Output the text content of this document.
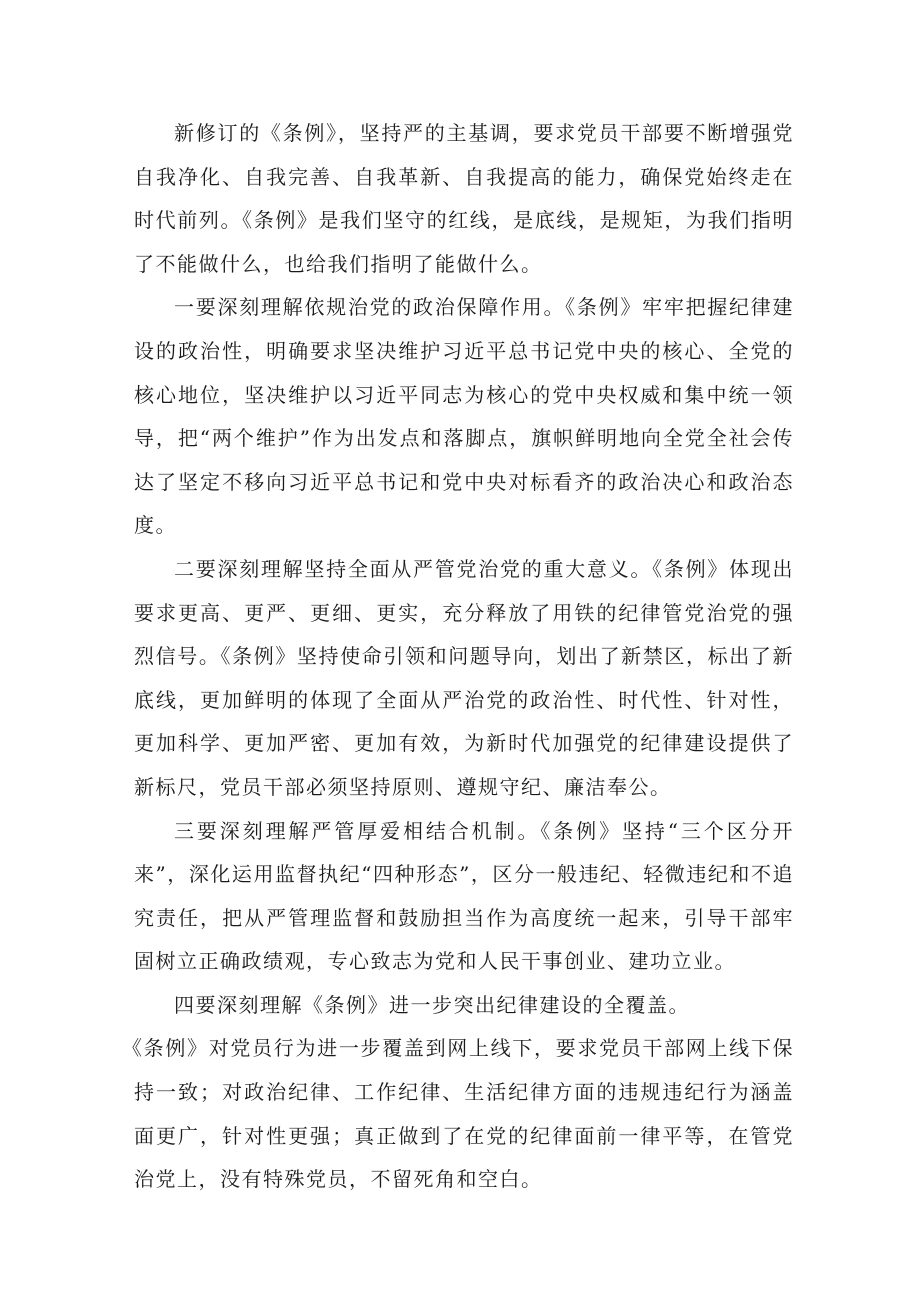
新修订的《条例》，坚持严的主基调，要求党员干部要不断增强党自我净化、自我完善、自我革新、自我提高的能力，确保党始终走在时代前列。《条例》是我们坚守的红线，是底线，是规矩，为我们指明了不能做什么，也给我们指明了能做什么。

一要深刻理解依规治党的政治保障作用。《条例》牢牢把握纪律建设的政治性，明确要求坚决维护习近平总书记党中央的核心、全党的核心地位，坚决维护以习近平同志为核心的党中央权威和集中统一领导，把“两个维护”作为出发点和落脚点，旗帜鲜明地向全党全社会传达了坚定不移向习近平总书记和党中央对标看齐的政治决心和政治态度。

二要深刻理解坚持全面从严管党治党的重大意义。《条例》体现出要求更高、更严、更细、更实，充分释放了用铁的纪律管党治党的强烈信号。《条例》坚持使命引领和问题导向，划出了新禁区，标出了新底线，更加鲜明的体现了全面从严治党的政治性、时代性、针对性，更加科学、更加严密、更加有效，为新时代加强党的纪律建设提供了新标尺，党员干部必须坚持原则、遵规守纪、廉洁奉公。

三要深刻理解严管厚爱相结合机制。《条例》坚持“三个区分开来”，深化运用监督执纪“四种形态”，区分一般违纪、轻微违纪和不追究责任，把从严管理监督和鼓励担当作为高度统一起来，引导干部牢固树立正确政绩观，专心致志为党和人民干事创业、建功立业。

四要深刻理解《条例》进一步突出纪律建设的全覆盖。

《条例》对党员行为进一步覆盖到网上线下，要求党员干部网上线下保持一致；对政治纪律、工作纪律、生活纪律方面的违规违纪行为涵盖面更广，针对性更强；真正做到了在党的纪律面前一律平等，在管党治党上，没有特殊党员，不留死角和空白。
